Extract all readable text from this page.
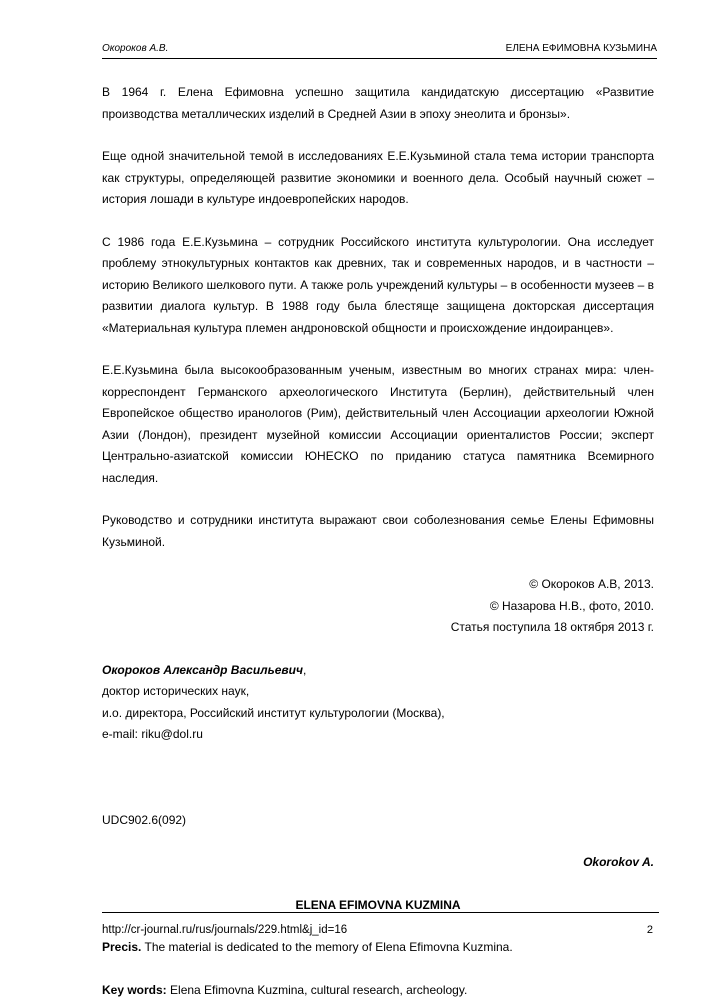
Окороков А.В.	ЕЛЕНА ЕФИМОВНА КУЗЬМИНА

В 1964 г. Елена Ефимовна успешно защитила кандидатскую диссертацию «Развитие производства металлических изделий в Средней Азии в эпоху энеолита и бронзы».

Еще одной значительной темой в исследованиях Е.Е.Кузьминой стала тема истории транспорта как структуры, определяющей развитие экономики и военного дела. Особый научный сюжет – история лошади в культуре индоевропейских народов.

С 1986 года Е.Е.Кузьмина – сотрудник Российского института культурологии. Она исследует проблему этнокультурных контактов как древних, так и современных народов, и в частности – историю Великого шелкового пути. А также роль учреждений культуры – в особенности музеев – в развитии диалога культур. В 1988 году была блестяще защищена докторская диссертация «Материальная культура племен андроновской общности и происхождение индоиранцев».

Е.Е.Кузьмина была высокообразованным ученым, известным во многих странах мира: член-корреспондент Германского археологического Института (Берлин), действительный член Европейское общество иранологов (Рим), действительный член Ассоциации археологии Южной Азии (Лондон), президент музейной комиссии Ассоциации ориенталистов России; эксперт Центрально-азиатской комиссии ЮНЕСКО по приданию статуса памятника Всемирного наследия.

Руководство и сотрудники института выражают свои соболезнования семье Елены Ефимовны Кузьминой.

© Окороков А.В, 2013.

© Назарова Н.В., фото, 2010.

Статья поступила 18 октября 2013 г.

Окороков Александр Васильевич,

доктор исторических наук,

и.о. директора, Российский институт культурологии (Москва),

e-mail: riku@dol.ru

UDC902.6(092)

Okorokov A.

ELENA EFIMOVNA KUZMINA

Precis. The material is dedicated to the memory of Elena Efimovna Kuzmina.

Key words: Elena Efimovna Kuzmina, cultural research, archeology.

http://cr-journal.ru/rus/journals/229.html&j_id=16	2
